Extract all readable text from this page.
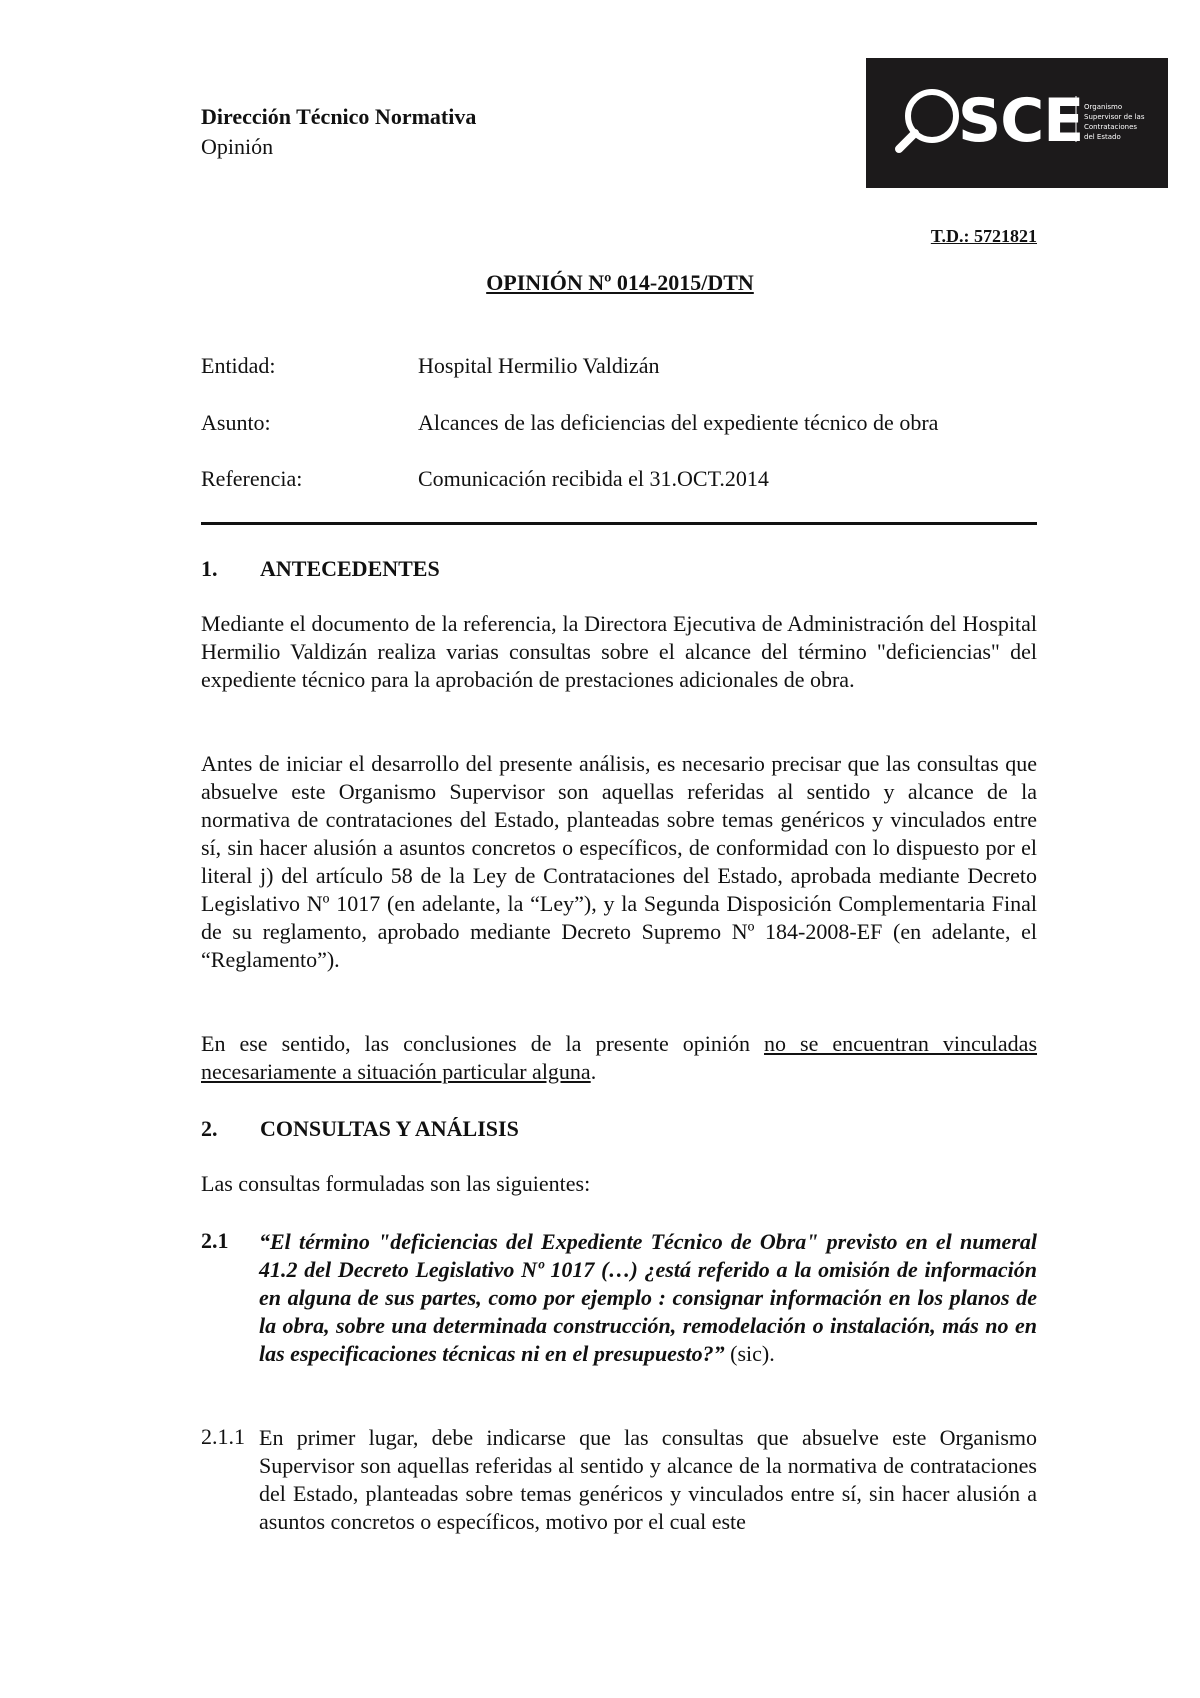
Dirección Técnico Normativa
Opinión	SCE Organismo
Supervisor de las
Contrataciones
del Estado
T.D.: 5721821
OPINIÓN Nº 014-2015/DTN
Entidad:	Hospital Hermilio Valdizán
Asunto:	Alcances de las deficiencias del expediente técnico de obra
Referencia:	Comunicación recibida el 31.OCT.2014
1. ANTECEDENTES
Mediante el documento de la referencia, la Directora Ejecutiva de Administración del Hospital Hermilio Valdizán realiza varias consultas sobre el alcance del término "deficiencias" del expediente técnico para la aprobación de prestaciones adicionales de obra.
Antes de iniciar el desarrollo del presente análisis, es necesario precisar que las consultas que absuelve este Organismo Supervisor son aquellas referidas al sentido y alcance de la normativa de contrataciones del Estado, planteadas sobre temas genéricos y vinculados entre sí, sin hacer alusión a asuntos concretos o específicos, de conformidad con lo dispuesto por el literal j) del artículo 58 de la Ley de Contrataciones del Estado, aprobada mediante Decreto Legislativo Nº 1017 (en adelante, la “Ley”), y la Segunda Disposición Complementaria Final de su reglamento, aprobado mediante Decreto Supremo Nº 184-2008-EF (en adelante, el “Reglamento”).
En ese sentido, las conclusiones de la presente opinión no se encuentran vinculadas necesariamente a situación particular alguna.
2. CONSULTAS Y ANÁLISIS
Las consultas formuladas son las siguientes:
2.1 “El término "deficiencias del Expediente Técnico de Obra" previsto en el numeral 41.2 del Decreto Legislativo Nº 1017 (…) ¿está referido a la omisión de información en alguna de sus partes, como por ejemplo : consignar información en los planos de la obra, sobre una determinada construcción, remodelación o instalación, más no en las especificaciones técnicas ni en el presupuesto?” (sic).
2.1.1 En primer lugar, debe indicarse que las consultas que absuelve este Organismo Supervisor son aquellas referidas al sentido y alcance de la normativa de contrataciones del Estado, planteadas sobre temas genéricos y vinculados entre sí, sin hacer alusión a asuntos concretos o específicos, motivo por el cual este
